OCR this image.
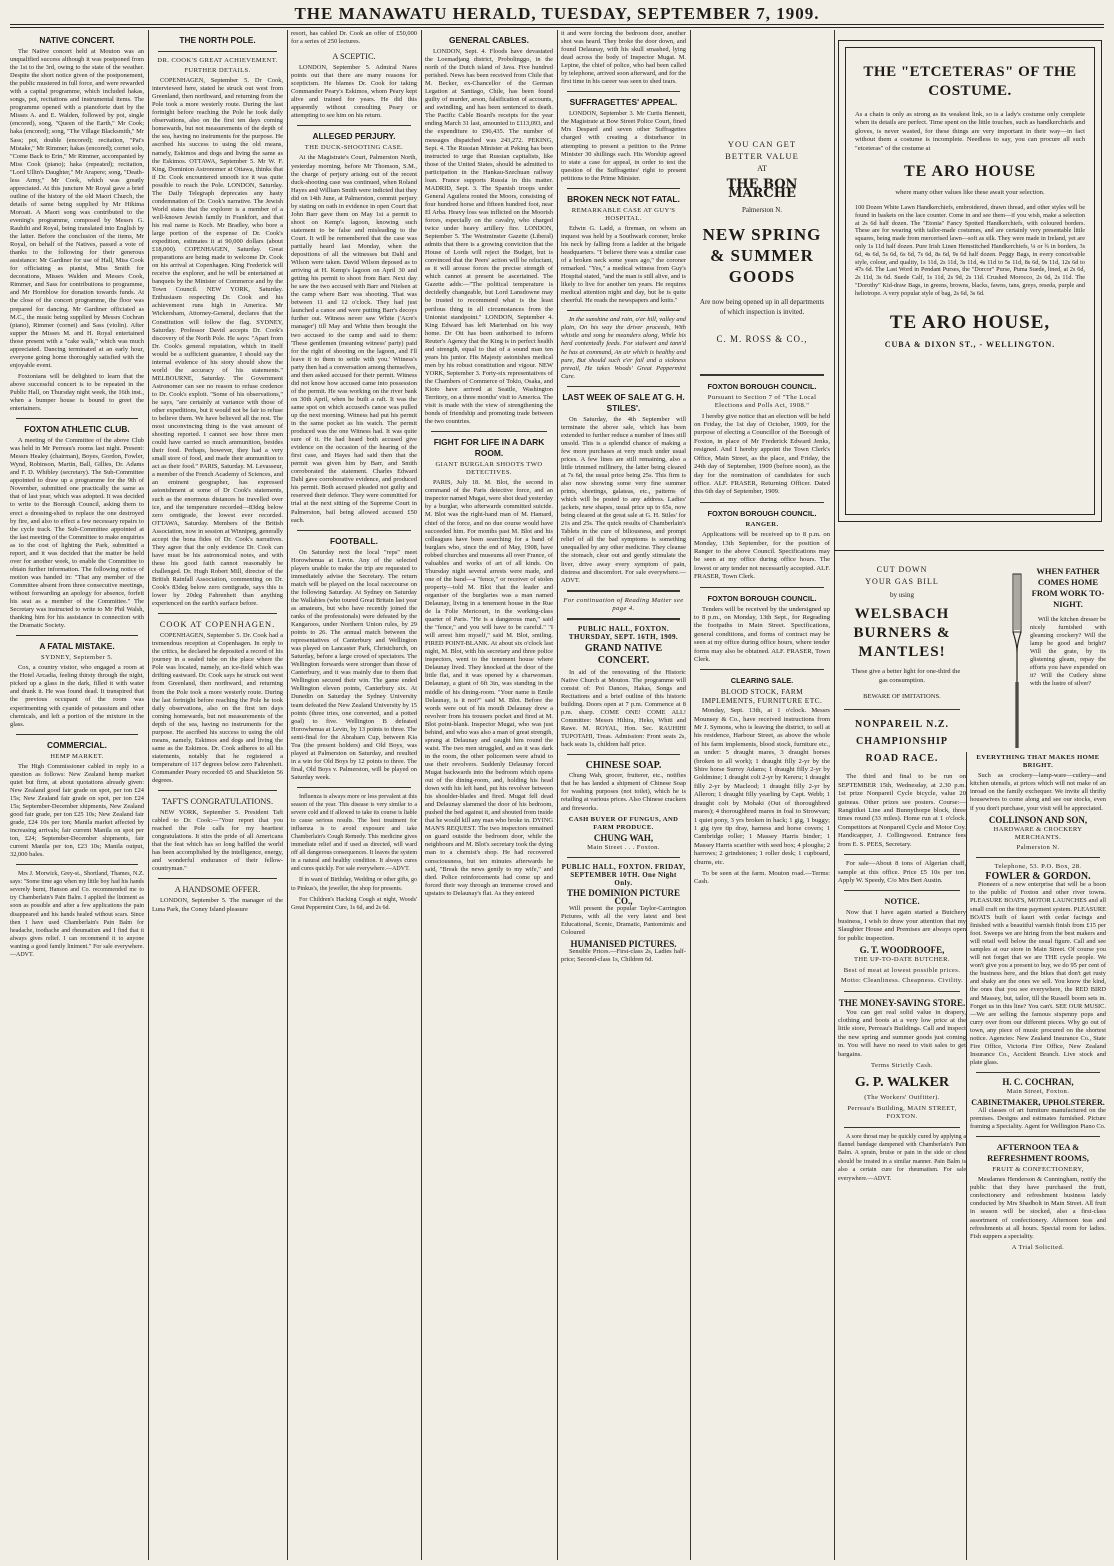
THE MANAWATU HERALD, TUESDAY, SEPTEMBER 7, 1909.
NATIVE CONCERT.

The Native concert held at Mouton was an unqualified success although it was postponed from the 1st to the 3rd, owing to the state of the weather. Despite the short notice given of the postponement, the public mustered in full force, and were rewarded with a capital programme, which included hakas, songs, poi, recitations and instrumental items. The programme opened with a pianoforte duet by the Misses A. and E. Walden, followed by poi, single (encored), song, "Queen of the Earth," Mr Cook; haka (encored); song, "The Village Blacksmith," Mr Sass; poi, double (encored); recitation, "Pat's Mistake," Mr Rimmer; hakas (encored); cornet solo, "Come Back to Erin," Mr Rimmer, accompanied by Miss Cook (piano); haka (repeated); recitation, "Lord Ullin's Daughter," Mr Arapere; song, "Death-less Army," Mr Cook, which was greatly appreciated. At this juncture Mr Royal gave a brief outline of the history of the old Maori Church, the details of same being supplied by Mr Hikima Moroati. A Maori song was contributed to the evening's programme, composed by Messrs G. Rauhihi and Royal, being translated into English by the latter. Before the conclusion of the items, Mr Royal, on behalf of the Natives, passed a vote of thanks to the following for their generous assistance: Mr Gardiner for use of Hall, Miss Cook for officiating as pianist, Miss Smith for decorations, Misses Walden and Messrs Cook, Rimmer, and Sass for contributions to programme, and Mr Hornblow for donation towards funds. At the close of the concert programme, the floor was prepared for dancing. Mr Gardiner officiated as M.C., the music being supplied by Messrs Cochran (piano), Rimmer (cornet) and Sass (violin). After supper the Misses M. and H. Royal entertained those present with a "cake walk," which was much appreciated. Dancing terminated at an early hour, everyone going home thoroughly satisfied with the enjoyable event.

Foxtonians will be delighted to learn that the above successful concert is to be repeated in the Public Hall, on Thursday night week, the 16th inst., when a bumper house is bound to greet the entertainers.

FOXTON ATHLETIC CLUB.

A meeting of the Committee of the above Club was held in Mr Perreau's rooms last night. Present: Messrs Healey (chairman), Boyes, Gordon, Fowler, Wynd, Robinson, Martin, Ball, Gillies, Dr. Adams and F. D. Whibley (secretary). The Sub-Committee appointed to draw up a programme for the 9th of November, submitted one practically the same as that of last year, which was adopted. It was decided to write to the Borough Council, asking them to erect a dressing-shed to replace the one destroyed by fire, and also to effect a few necessary repairs to the cycle track. The Sub-Committee appointed at the last meeting of the Committee to make enquiries as to the cost of lighting the Park, submitted a report, and it was decided that the matter be held over for another week, to enable the Committee to obtain further information. The following notice of motion was handed in: "That any member of the Committee absent from three consecutive meetings, without forwarding an apology for absence, forfeit his seat as a member of the Committee." The Secretary was instructed to write to Mr Phil Walsh, thanking him for his assistance in connection with the Dramatic Society.

A FATAL MISTAKE.
SYDNEY, September 5.

Cox, a country visitor, who engaged a room at the Hotel Arcadia, feeling thirsty through the night, picked up a glass in the dark, filled it with water and drank it. He was found dead. It transpired that the previous occupant of the room was experimenting with cyanide of potassium and other chemicals, and left a portion of the mixture in the glass.

COMMERCIAL.
HEMP MARKET.

The High Commissioner cabled in reply to a question as follows: New Zealand hemp market quiet but firm, at about quotations already given: New Zealand good fair grade on spot, per ton £24 15s; New Zealand fair grade on spot, per ton £24 15s; September-December shipments, New Zealand good fair grade, per ton £25 10s; New Zealand fair grade, £24 10s per ton; Manila market affected by increasing arrivals; fair current Manila on spot per ton, £24; September-December shipments, fair current Manila per ton, £23 10s; Manila output, 32,000 bales.

Mrs J. Morwick, Grey-st., Shortland, Thames, N.Z. says: "Some time ago when my little boy had his hands severely burnt, Hanson and Co. recommended me to try Chamberlain's Pain Balm. I applied the liniment as soon as possible and after a few applications the pain disappeared and his hands healed without scars. Since then I have used Chamberlain's Pain Balm for headache, toothache and rheumatism and I find that it always gives relief. I can recommend it to anyone wanting a good family liniment." For sale everywhere.—ADVT.

THE NORTH POLE.
DR. COOK'S GREAT ACHIEVEMENT.
FURTHER DETAILS.

COPENHAGEN, September 5. Dr Cook, interviewed here, stated he struck out west from Greenland, then northward, and returning from the Pole took a more westerly route. During the last fortnight before reaching the Pole he took daily observations, also on the first ten days coming homewards, but not measurements of the depth of the sea, having no instruments for the purpose. He ascribed his success to using the old means, namely, Eskimos and dogs and living the same as the Eskimos. OTTAWA, September 5. Mr W. F. King, Dominion Astronomer at Ottawa, thinks that if Dr. Cook encountered smooth ice it was quite possible to reach the Pole. LONDON, Saturday. The Daily Telegraph deprecates any hasty condemnation of Dr. Cook's narrative. The Jewish World states that the explorer is a member of a well-known Jewish family in Frankfort, and that his real name is Koch. Mr Bradley, who bore a large portion of the expense of Dr. Cook's expedition, estimates it at 90,000 dollars (about £18,000). COPENHAGEN, Saturday. Great preparations are being made to welcome Dr. Cook on his arrival at Copenhagen. King Frederick will receive the explorer, and he will be entertained at banquets by the Minister of Commerce and by the Town Council. NEW YORK, Saturday. Enthusiasm respecting Dr. Cook and his achievement runs high in America. Mr Wickersham, Attorney-General, declares that the Constitution will follow the flag. SYDNEY, Saturday. Professor David accepts Dr. Cook's discovery of the North Pole. He says: "Apart from Dr. Cook's general reputation, which in itself would be a sufficient guarantee, I should say the internal evidence of his story should show the world the accuracy of his statements." MELBOURNE, Saturday. The Government Astronomer can see no reason to refuse credence to Dr. Cook's exploit. "Some of his observations," he says, "are certainly at variance with those of other expeditions, but it would not be fair to refuse to believe them. We have believed all the rest. The most unconvincing thing is the vast amount of shooting reported. I cannot see how three men could have carried so much ammunition, besides their food. Perhaps, however, they had a very small store of food, and made their ammunition to act as their food." PARIS, Saturday. M. Levasseur, a member of the French Academy of Sciences, and an eminent geographer, has expressed astonishment at some of Dr Cook's statements, such as the enormous distances he travelled over ice, and the temperature recorded—83deg below zero centigrade, the lowest ever recorded. OTTAWA, Saturday. Members of the British Association, now in session at Winnipeg, generally accept the bona fides of Dr. Cook's narratives. They agree that the only evidence Dr. Cook can have must be his astronomical notes, and with these his good faith cannot reasonably be challenged. Dr. Hugh Robert Mill, director of the British Rainfall Association, commenting on Dr. Cook's 83deg below zero centigrade, says this is lower by 20deg Fahrenheit than anything experienced on the earth's surface before.

COOK AT COPENHAGEN.

COPENHAGEN, September 5. Dr. Cook had a tremendous reception at Copenhagen. In reply to the critics, he declared he deposited a record of his journey in a sealed tube on the place where the Pole was located, namely, an ice-field which was drifting eastward. Dr. Cook says he struck out west from Greenland, then northward, and returning from the Pole took a more westerly route. During the last fortnight before reaching the Pole he took daily observations, also on the first ten days coming homewards, but not measurements of the depth of the sea, having no instruments for the purpose. He ascribed his success to using the old means, namely, Eskimos and dogs and living the same as the Eskimos. Dr. Cook adheres to all his statements, notably that he registered a temperature of 117 degrees below zero Fahrenheit. Commander Peary recorded 65 and Shackleton 56 degrees.

TAFT'S CONGRATULATIONS.

NEW YORK, September 5. President Taft cabled to Dr. Cook:—"Your report that you reached the Pole calls for my heartiest congratulations. It stirs the pride of all Americans that the feat which has so long baffled the world has been accomplished by the intelligence, energy, and wonderful endurance of their fellow-countryman."

A HANDSOME OFFER.

LONDON, September 5. The manager of the Luna Park, the Coney Island pleasure

resort, has cabled Dr. Cook an offer of £50,000 for a series of 250 lectures.

A SCEPTIC.

LONDON, September 5. Admiral Nares points out that there are many reasons for scepticism. He blames Dr. Cook for taking Commander Peary's Eskimos, whom Peary kept alive and trained for years. He did this apparently without consulting Peary or attempting to see him on his return.

ALLEGED PERJURY.
THE DUCK-SHOOTING CASE.

At the Magistrate's Court, Palmerston North, yesterday morning, before Mr Thomson, S.M., the charge of perjury arising out of the recent duck-shooting case was continued, when Roland Hayes and William Smith were indicted that they did on 14th June, at Palmerston, commit perjury by stating on oath in evidence in open Court that John Barr gave them on May 1st a permit to shoot on Kemp's lagoon, knowing such statement to be false and misleading to the Court. It will be remembered that the case was partially heard last Monday, when the depositions of all the witnesses but Dahl and Wilson were taken. David Wilson deposed as to arriving at H. Kemp's lagoon on April 30 and getting his permit to shoot from Barr. Next day he saw the two accused with Barr and Nielsen at the camp where Barr was shooting. That was between 11 and 12 o'clock. They had just launched a canoe and were putting Barr's decoys further out. Witness never saw White ('Acre's manager') till May and White then brought the two accused to the camp and said to them: 'These gentlemen (meaning witness' party) paid for the right of shooting on the lagoon, and I'll leave it to them to settle with you.' Witness's party then had a conversation among themselves, and then asked accused for their permit. Witness did not know how accused came into possession of the permit. He was working on the river bank on 30th April, when he built a raft. It was the same spot on which accused's canoe was pulled up the next morning. Witness had put his permit in the same pocket as his watch. The permit produced was the one Witness had. It was quite sure of it. He had heard both accused give evidence on the occasion of the hearing of the first case, and Hayes had said then that the permit was given him by Barr, and Smith corroborated the statement. Charles Edward Dahl gave corroborative evidence, and produced his permit. Both accused pleaded not guilty and reserved their defence. They were committed for trial at the next sitting of the Supreme Court in Palmerston, bail being allowed accused £50 each.

FOOTBALL.

On Saturday next the local "reps" meet Horowhenua at Levin. Any of the selected players unable to make the trip are requested to immediately advise the Secretary. The return match will be played on the local racecourse on the following Saturday. At Sydney on Saturday the Wallabies (who toured Great Britain last year as amateurs, but who have recently joined the ranks of the professionals) were defeated by the Kangaroos, under Northern Union rules, by 29 points to 26. The annual match between the representatives of Canterbury and Wellington was played on Lancaster Park, Christchurch, on Saturday, before a large crowd of spectators. The Wellington forwards were stronger than those of Canterbury, and it was mainly due to them that Wellington secured their win. The game ended Wellington eleven points, Canterbury six. At Dunedin on Saturday the Sydney University team defeated the New Zealand University by 15 points (three tries, one converted, and a potted goal) to five. Wellington B defeated Horowhenua at Levin, by 13 points to three. The semi-final for the Abraham Cup, between Kia Toa (the present holders) and Old Boys, was played at Palmerston on Saturday, and resulted in a win for Old Boys by 12 points to three. The final, Old Boys v. Palmerston, will be played on Saturday week.

Influenza is always more or less prevalent at this season of the year. This disease is very similar to a severe cold and if allowed to take its course is liable to cause serious results. The best treatment for influenza is to avoid exposure and take Chamberlain's Cough Remedy. This medicine gives immediate relief and if used as directed, will ward off all dangerous consequences. It leaves the system in a natural and healthy condition. It always cures and cures quickly. For sale everywhere.—ADVT.

If in want of Birthday, Wedding or other gifts, go to Pinkus's, the jeweller, the shop for presents.

For Children's Hacking Cough at night, Woods' Great Peppermint Cure, 1s 6d, and 2s 6d.

GENERAL CABLES.

LONDON, Sept. 4. Floods have devastated the Loemadjang district, Probolinggo, in the north of the Dutch island of Java. Five hundred perished. News has been received from Chile that M. Becker, ex-Chancellor of the German Legation at Santiago, Chile, has been found guilty of murder, arson, falsification of accounts, and swindling, and has been sentenced to death. The Pacific Cable Board's receipts for the year ending March 31 last, amounted to £113,093, and the expenditure to £96,435. The number of messages dispatched was 243,272. PEKING, Sept. 4. The Russian Minister at Peking has been instructed to urge that Russian capitalists, like those of the United States, should be admitted to participation in the Hankau-Szechuan railway loan. France supports Russia in this matter. MADRID, Sept. 3. The Spanish troops under General Aguilera routed the Moors, consisting of four hundred horse and fifteen hundred foot, near El Arba. Heavy loss was inflicted on the Moorish forces, especially on the cavalry, who charged twice under heavy artillery fire. LONDON, September 5. The Westminster Gazette (Liberal) admits that there is a growing conviction that the House of Lords will reject the Budget, but is convinced that the Peers' action will be reluctant, as it will arouse forces the precise strength of which cannot at present be ascertained. The Gazette adds:—"The political temperature is decidedly changeable, but Lord Lansdowne may be trusted to recommend what is the least perilous thing in all circumstances from the Unionist standpoint." LONDON, September 4. King Edward has left Marienbad on his way home. Dr Ott has been authorised to inform Reuter's Agency that the King is in perfect health and strength, equal to that of a sound man ten years his junior. His Majesty astonishes medical men by his robust constitution and vigour. NEW YORK, September 3. Forty-six representatives of the Chambers of Commerce of Tokio, Osaka, and Kioto have arrived at Seattle, Washington Territory, on a three months' visit to America. The visit is made with the view of strengthening the bonds of friendship and promoting trade between the two countries.

FIGHT FOR LIFE IN A DARK ROOM.
GIANT BURGLAR SHOOTS TWO DETECTIVES.

PARIS, July 18. M. Blot, the second in command of the Paris detective force, and an inspector named Mugat, were shot dead yesterday by a burglar, who afterwards committed suicide. M. Blot was the right-hand man of M. Hamard, chief of the force, and no due course would have succeeded him. For months past M. Blot and his colleagues have been searching for a band of burglars who, since the end of May, 1908, have robbed churches and museums all over France, of valuables and works of art of all kinds. On Thursday night several arrests were made, and one of the band—a "fence," or receiver of stolen property—told M. Blot that the leader and organiser of the burglaries was a man named Delaunay, living in a tenement house in the Rue de la Folie Mericourt, in the working-class quarter of Paris. "He is a dangerous man," said the "fence," and you will have to be careful." "I will arrest him myself," said M. Blot, smiling. FIRED POINT-BLANK. At about six o'clock last night, M. Blot, with his secretary and three police inspectors, went to the tenement house where Delaunay lived. They knocked at the door of the little flat, and it was opened by a charwoman. Delaunay, a giant of 6ft 3in, was standing in the middle of his dining-room. "Your name is Emile Delaunay, is it not?" said M. Blot. Before the words were out of his mouth Delaunay drew a revolver from his trousers pocket and fired at M. Blot point-blank. Inspector Mugat, who was just behind, and who was also a man of great strength, sprang at Delaunay and caught him round the waist. The two men struggled, and as it was dark in the room, the other policemen were afraid to use their revolvers. Suddenly Delaunay forced Mugat backwards into the bedroom which opens out of the dining-room, and, holding his head down with his left hand, put his revolver between his shoulder-blades and fired. Mugat fell dead and Delaunay slammed the door of his bedroom, pushed the bed against it, and shouted from inside that he would kill any man who broke in. DYING MAN'S REQUEST. The two inspectors remained on guard outside the bedroom door, while the neighbours and M. Blot's secretary took the dying man to a chemist's shop. He had recovered consciousness, but ten minutes afterwards he said, "Break the news gently to my wife," and died. Police reinforcements had come up and forced their way through an immense crowd and upstairs to Delaunay's flat. As they entered

it and were forcing the bedroom door, another shot was heard. They broke the door down, and found Delaunay, with his skull smashed, lying dead across the body of Inspector Mugat. M. Lepine, the chief of police, who had been called by telephone, arrived soon afterward, and for the first time in his career was seen to shed tears.

SUFFRAGETTES' APPEAL.

LONDON, September 3. Mr Curtis Bennett, the Magistrate at Bow Street Police Court, fined Mrs Despard and seven other Suffragettes charged with creating a disturbance in attempting to present a petition to the Prime Minister 30 shillings each. His Worship agreed to state a case for appeal, in order to test the question of the Suffragettes' right to present petitions to the Prime Minister.

BROKEN NECK NOT FATAL.
REMARKABLE CASE AT GUY'S HOSPITAL.

Edwin G. Ladd, a fireman, on whom an inquest was held by a Southwark coroner, broke his neck by falling from a ladder at the brigade headquarters. "I believe there was a similar case of a broken neck some years ago," the coroner remarked. "Yes," a medical witness from Guy's Hospital stated, "and the man is still alive, and is likely to live for another ten years. He requires medical attention night and day, but he is quite cheerful. He reads the newspapers and knits."

In the sunshine and rain, o'er hill, valley and plain, On his way the driver proceeds, With whistle and song he meanders along, While his herd contentedly feeds. For stalwart and tann'd he has at command, An air which is healthy and pure, But should such e'er fail and a sickness prevail, He takes Woods' Great Peppermint Cure.

LAST WEEK OF SALE AT G. H. STILES'.

On Saturday, the 4th September will terminate the above sale, which has been extended to further reduce a number of lines still unsold. This is a splendid chance of making a few more purchases at very much under usual prices. A few lines are still remaining, also a little trimmed millinery, the latter being cleared at 7s 6d, the usual price being 25s. This firm is also now showing some very fine summer prints, sheetings, galateas, etc., patterns of which will be posted to any address. Ladies' jackets, new shapes, usual price up to 65s, now being cleared at the great sale at G. H. Stiles' for 21s and 25s. The quick results of Chamberlain's Tablets in the cure of biliousness, and prompt relief of all the bad symptoms is something unequalled by any other medicine. They cleanse the stomach, clear out and gently stimulate the liver, drive away every symptom of pain, distress and discomfort. For sale everywhere.—ADVT.

For continuation of Reading Matter see page 4.
PUBLIC HALL, FOXTON. THURSDAY, SEPT. 16TH, 1909.
GRAND NATIVE CONCERT.

In aid of the renovating of the Historic Native Church at Mouton. The programme will consist of: Poi Dances, Hakas, Songs and Recitations and a brief outline of this historic building. Doors open at 7 p.m. Commence at 8 p.m. sharp. COME ONE! COME ALL! Committee: Messrs Hihira, Heko, Whiti and Rawe. M. ROYAL, Hon. Sec. RAUHIHI TUPOTAHI, Treas. Admission: Front seats 2s, back seats 1s, children half price.

CHINESE SOAP.

Chung Wah, grocer, fruiterer, etc., notifies that he has landed a shipment of Chinese Soap for washing purposes (not toilet), which he is retailing at various prices. Also Chinese crackers and fireworks.

CASH BUYER OF FUNGUS, AND FARM PRODUCE.
CHUNG WAH,
Main Street . . . Foxton.
PUBLIC HALL, FOXTON. FRIDAY, SEPTEMBER 10TH. One Night Only.
THE DOMINION PICTURE CO.,

Will present the popular Taylor-Carrington Pictures, with all the very latest and best Educational, Scenic, Dramatic, Pantomimic and Coloured

HUMANISED PICTURES.

Sensible Prices.—First-class 2s, Ladies half-price; Second-class 1s, Children 6d.

YOU CAN GET
BETTER VALUE
AT
THE BON MARCHE
Palmerston N.
NEW SPRING & SUMMER GOODS

Are now being opened up in all departments of which inspection is invited.

C. M. ROSS & CO.,
FOXTON BOROUGH COUNCIL.
Pursuant to Section 7 of "The Local Elections and Polls Act, 1908."

I hereby give notice that an election will be held on Friday, the 1st day of October, 1909, for the purpose of electing a Councillor of the Borough of Foxton, in place of Mr Frederick Edward Jenks, resigned. And I hereby appoint the Town Clerk's Office, Main Street, as the place, and Friday, the 24th day of September, 1909 (before noon), as the day for the nomination of candidates for such office. ALF. FRASER, Returning Officer. Dated this 6th day of September, 1909.

FOXTON BOROUGH COUNCIL.
RANGER.

Applications will be received up to 8 p.m. on Monday, 13th September, for the position of Ranger to the above Council. Specifications may be seen at my office during office hours. The lowest or any tender not necessarily accepted. ALF. FRASER, Town Clerk.

FOXTON BOROUGH COUNCIL.

Tenders will be received by the undersigned up to 8 p.m., on Monday, 13th Sept., for Regrading the footpaths in Main Street. Specifications, general conditions, and forms of contract may be seen at my office during office hours, where tender forms may also be obtained. ALF. FRASER, Town Clerk.

CLEARING SALE.
BLOOD STOCK, FARM IMPLEMENTS, FURNITURE ETC.

Monday, Sept. 13th, at 1 o'clock. Messrs Mounsey & Co., have received instructions from Mr J. Symons, who is leaving the district, to sell at his residence, Harbour Street, as above the whole of his farm implements, blood stock, furniture etc., as under: 5 draught mares, 3 draught horses (broken to all work); 1 draught filly 2-yr by the Shire horse Surrey Adams; 1 draught filly 2-yr by Goldmine; 1 draught colt 2-yr by Kereru; 1 draught filly 2-yr by Macleod; 1 draught filly 2-yr by Alleron; 1 draught filly yearling by Capt. Webb; 1 draught colt by Mohaki (Out of thoroughbred mares); 4 thoroughbred mares in foal to Strowvan; 1 quiet pony, 3 yrs broken in hack; 1 gig, 1 buggy; 1 gig tyre tip dray, harness and horse covers; 1 Cambridge roller; 1 Massey Harris binder; 1 Massey Harris scarifier with seed box; 4 ploughs; 2 harrows; 2 grindstones; 1 roller desk; 1 cupboard, churns, etc.

To be seen at the farm. Mouton road.—Terms: Cash.

THE "ETCETERAS" OF THE COSTUME.

As a chain is only as strong as its weakest link, so is a lady's costume only complete when its details are perfect. Time spent on the little touches, such as handkerchiefs and gloves, is never wasted, for these things are very important in their way—in fact without them a costume is incomplete. Needless to say, you can procure all such "etceteras" of the costume at

TE ARO HOUSE
where many other values like these await your selection.

100 Dozen White Lawn Handkerchiefs, embroidered, drawn thread, and other styles will be found in baskets on the lace counter. Come in and see them—if you wish, make a selection at 2s 6d half dozen. The "Etonia" Fancy Spotted Handkerchiefs, with coloured borders. These are for wearing with tailor-made costumes, and are certainly very presentable little squares, being made from mercerised lawn—soft as silk. They were made in Ireland, yet are only 1s 11d half dozen. Pure Irish Linen Hemstitched Handkerchiefs, ¼ or ¾ in borders, 3s 6d, 4s 6d, 5s 6d, 6s 6d, 7s 6d, 8s 6d, 9s 6d half dozen. Peggy Bags, in every conceivable style, colour, and quality, 1s 11d, 2s 11d, 3s 11d, 4s 11d to 5s 11d, 8s 6d, 9s 11d, 12s 6d to 47s 6d. The Last Word in Pendant Purses, the "Dorcor" Purse, Puma Suede, lined, at 2s 6d, 2s 11d, 3s 6d. Suede Calf, 1s 11d, 2s 9d, 2s 11d. Crushed Morocco, 2s 6d, 2s 11d. The "Dorothy" Kid-draw Bags, in greens, browns, blacks, fawns, tans, greys, reseda, purple and heliotrope. A very popular style of bag, 2s 6d, 3s 6d.

TE ARO HOUSE,
CUBA & DIXON ST., - WELLINGTON.
CUT DOWN
YOUR GAS BILL
by using
WELSBACH BURNERS & MANTLES!

These give a better light for one-third the gas consumption.

BEWARE OF IMITATIONS.
NONPAREIL N.Z. CHAMPIONSHIP ROAD RACE.

The third and final to be run on SEPTEMBER 15th, Wednesday, at 2.30 p.m. 1st prize Nonpareil Cycle bicycle, value 20 guineas. Other prizes see posters. Course:—Rangitikei Line and Bunnythorpe block, three times round (33 miles). Home run at 1 o'clock. Competitors at Nonpareil Cycle and Motor Coy. Handicapper, J. Collingwood. Entrance fees from E. S. PEES, Secretary.

For sale—About 8 tons of Algerian chaff, sample at this office. Price £5 10s per ton. Apply W. Speedy, C/o Mrs Bert Austin.

NOTICE.

Now that I have again started a Butchery business, I wish to draw your attention that my Slaughter House and Premises are always open for public inspection.

G. T. WOODROOFE,
THE UP-TO-DATE BUTCHER.
Best of meat at lowest possible prices.
Motto: Cleanliness. Cheapness. Civility.
THE MONEY-SAVING STORE.

You can get real solid value in drapery, clothing and boots at a very low price at the little store, Perreau's Buildings. Call and inspect the new spring and summer goods just coming in. You will have no need to visit sales to get bargains.

Terms Strictly Cash.
G. P. WALKER
(The Workers' Outfitter).
Perreau's Building, MAIN STREET, FOXTON.

A sore throat may be quickly cured by applying a flannel bandage dampened with Chamberlain's Pain Balm. A sprain, bruise or pain in the side or chest should be treated in a similar manner. Pain Balm is also a certain cure for rheumatism. For sale everywhere.—ADVT.

WHEN FATHER COMES HOME FROM WORK TO-NIGHT.

Will the kitchen dresser be nicely furnished with gleaming crockery? Will the lamp be good and bright? Will the grate, by its glistening gleam, repay the efforts you have expended on it? Will the Cutlery shine with the lustre of silver?

EVERYTHING THAT MAKES HOME BRIGHT.

Such as crockery—lamp-ware—cutlery—and kitchen utensils, at prices which will not make of an inroad on the family exchequer. We invite all thrifty housewives to come along and see our stocks, even if you don't purchase, your visit will be appreciated.

COLLINSON AND SON,
HARDWARE & CROCKERY MERCHANTS.
Palmerston N.
Telephone, 53. P.O. Box, 28.
FOWLER & GORDON.

Pioneers of a new enterprise that will be a boon to the public of Foxton and other river towns. PLEASURE BOATS, MOTOR LAUNCHES and all small craft on the time payment system. PLEASURE BOATS built of kauri with cedar facings and finished with a beautiful varnish finish from £15 per foot. Sweeps we are hiring from the best makers and will retail well below the usual figure. Call and see samples at our store in Main Street. Of course you will not forget that we are THE cycle people. We won't give you a present to buy, we do 95 per cent of the business here, and the bikes that don't get rusty and shaky are the ones we sell. You know the kind, the ones that you see everywhere, the RED BIRD and Massey, but, tailor, till the Russell boom sets in. Forget us in this line? You can't. SEE OUR MUSIC.—We are selling the famous sixpenny pops and curry over from our different pieces. Why go out of town, any piece of music procured on the shortest notice. Agencies: New Zealand Insurance Co., State Fire Office, Victoria Fire Office, New Zealand Insurance Co., Accident Branch. Live stock and plate glass.

H. C. COCHRAN,
Main Street, Foxton.
CABINETMAKER, UPHOLSTERER.

All classes of art furniture manufactured on the premises. Designs and estimates furnished. Picture framing a Speciality. Agent for Wellington Piano Co.

AFTERNOON TEA & REFRESHMENT ROOMS,
FRUIT & CONFECTIONERY,

Mesdames Henderson & Cunningham, notify the public that they have purchased the fruit, confectionery and refreshment business lately conducted by Mrs Shadbolt in Main Street. All fruit in season will be stocked, also a first-class assortment of confectionery. Afternoon teas and refreshments at all hours. Special room for ladies. Fish suppers a speciality.

A Trial Solicited.
